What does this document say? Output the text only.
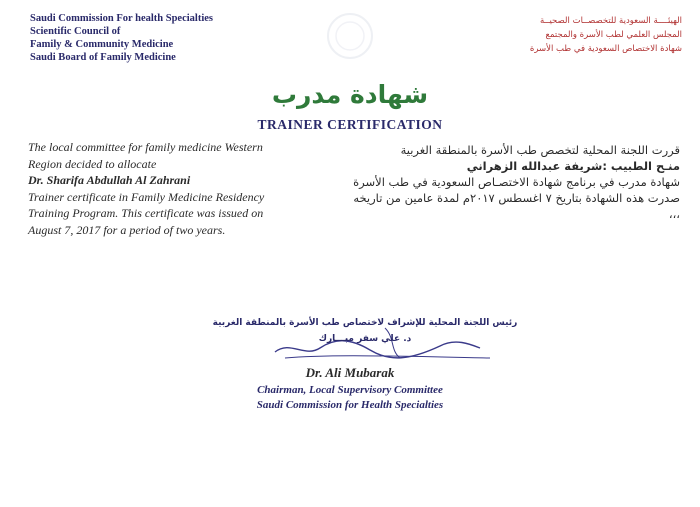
Saudi Commission For health Specialties
Scientific Council of
Family & Community Medicine
Saudi Board of Family Medicine
الهيئــــة السعودية للتخصصــات الصحيــة
المجلس العلمي لطب الأسرة والمجتمع
شهادة الاختصاص السعودية في طب الأسرة
شهادة مدرب
TRAINER CERTIFICATION
The local committee for family medicine Western
Region decided to allocate
Dr. Sharifa Abdullah Al Zahrani
Trainer certificate in Family Medicine Residency
Training Program. This certificate was issued on
August 7, 2017 for a period of two years.
قررت اللجنة المحلية لتخصص طب الأسرة بالمنطقة الغربية
منـح الطبيب :شريفة عبدالله الزهراني
شهادة مدرب في برنامج شهادة الاختصـاص السعودية في طب الأسرة
صدرت هذه الشهادة بتاريخ ٧ اغسطس ٢٠١٧م لمدة عامين من تاريخه
،،،
رئيس اللجنة المحلية للإشراف لاختصاص طب الأسرة بالمنطقة الغربية
د. علي سفر مبـــارك
Dr. Ali Mubarak
Chairman, Local Supervisory Committee
Saudi Commission for Health Specialties
